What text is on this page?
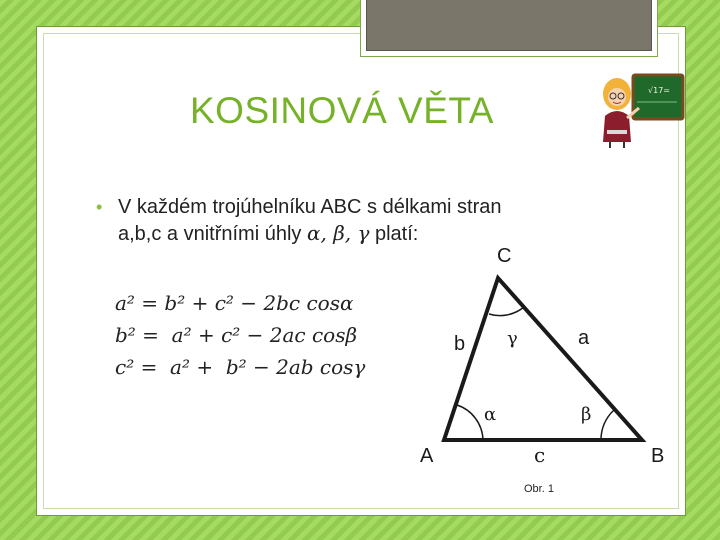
KOSINOVÁ VĚTA	√17=
• V každém trojúhelníku ABC s délkami stran
a,b,c a vnitřními úhly α, β, γ platí:
a² = b² + c² − 2bc cosα
b² =  a² + c² − 2ac cosβ
c² =  a² +  b² − 2ab cosγ
C
A	B
b	a
c
α	β
γ
Obr. 1
